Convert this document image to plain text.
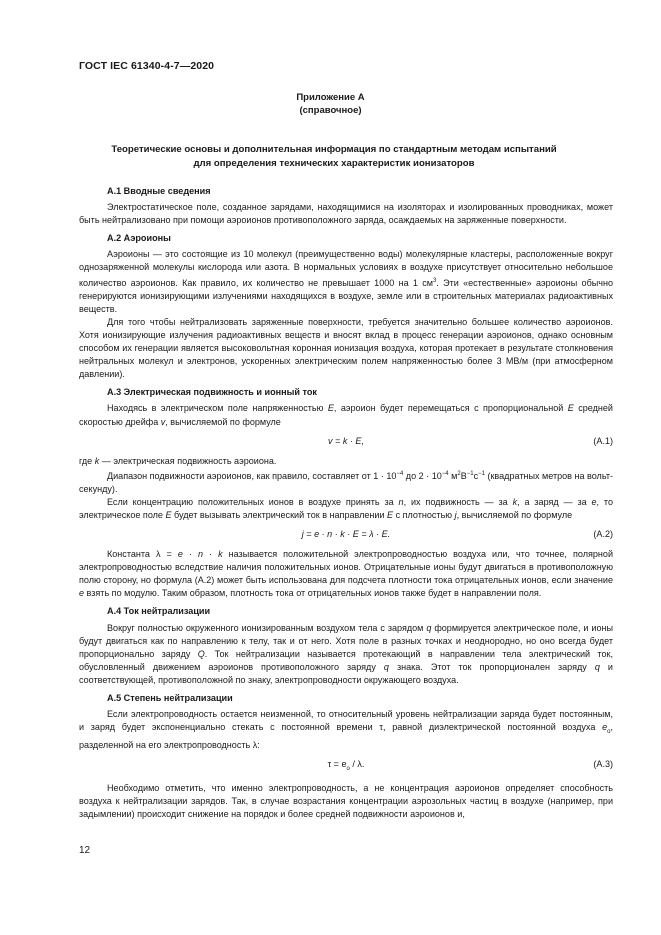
ГОСТ IEC 61340-4-7—2020
Приложение А
(справочное)
Теоретические основы и дополнительная информация по стандартным методам испытаний
для определения технических характеристик ионизаторов
А.1 Вводные сведения

Электростатическое поле, созданное зарядами, находящимися на изоляторах и изолированных проводниках, может быть нейтрализовано при помощи аэроионов противоположного заряда, осаждаемых на заряженные поверхности.

А.2 Аэроионы

Аэроионы — это состоящие из 10 молекул (преимущественно воды) молекулярные кластеры, расположенные вокруг однозаряженной молекулы кислорода или азота. В нормальных условиях в воздухе присутствует относительно небольшое количество аэроионов. Как правило, их количество не превышает 1000 на 1 $см^3$. Эти «естественные» аэроионы обычно генерируются ионизирующими излучениями находящихся в воздухе, земле или в строительных материалах радиоактивных веществ.

Для того чтобы нейтрализовать заряженные поверхности, требуется значительно большее количество аэроионов. Хотя ионизирующие излучения радиоактивных веществ и вносят вклад в процесс генерации аэроионов, однако основным способом их генерации является высоковольтная коронная ионизация воздуха, которая протекает в результате столкновения нейтральных молекул и электронов, ускоренных электрическим полем напряженностью более 3 МВ/м (при атмосферном давлении).

А.3 Электрическая подвижность и ионный ток

Находясь в электрическом поле напряженностью E, аэроион будет перемещаться с пропорциональной E средней скоростью дрейфа v, вычисляемой по формуле

v = k · E,	(А.1)

где k — электрическая подвижность аэроиона.

Диапазон подвижности аэроионов, как правило, составляет от $1 \cdot 10^{-4}$ до $2 \cdot 10^{-4}$ $м^2В^{-1}с^{-1}$ (квадратных метров на вольт-секунду).

Если концентрацию положительных ионов в воздухе принять за n, их подвижность — за k, а заряд — за e, то электрическое поле E будет вызывать электрический ток в направлении E с плотностью j, вычисляемой по формуле

j = e · n · k · E = λ · E.	(А.2)

Константа λ = e · n · k называется положительной электропроводностью воздуха или, что точнее, полярной электропроводностью вследствие наличия положительных ионов. Отрицательные ионы будут двигаться в противоположную полю сторону, но формула (А.2) может быть использована для подсчета плотности тока отрицательных ионов, если значение e взять по модулю. Таким образом, плотность тока от отрицательных ионов также будет в направлении поля.

А.4 Ток нейтрализации

Вокруг полностью окруженного ионизированным воздухом тела с зарядом q формируется электрическое поле, и ионы будут двигаться как по направлению к телу, так и от него. Хотя поле в разных точках и неоднородно, но оно всегда будет пропорционально заряду Q. Ток нейтрализации называется протекающий в направлении тела электрический ток, обусловленный движением аэроионов противоположного заряду q знака. Этот ток пропорционален заряду q и соответствующей, противоположной по знаку, электропроводности окружающего воздуха.

А.5 Степень нейтрализации

Если электропроводность остается неизменной, то относительный уровень нейтрализации заряда будет постоянным, и заряд будет экспоненциально стекать с постоянной времени τ, равной диэлектрической постоянной воздуха $e_o$, разделенной на его электропроводность λ:

$\tau = e_o / \lambda$.	(А.3)

Необходимо отметить, что именно электропроводность, а не концентрация аэроионов определяет способность воздуха к нейтрализации зарядов. Так, в случае возрастания концентрации аэрозольных частиц в воздухе (например, при задымлении) происходит снижение на порядок и более средней подвижности аэроионов и,

12
